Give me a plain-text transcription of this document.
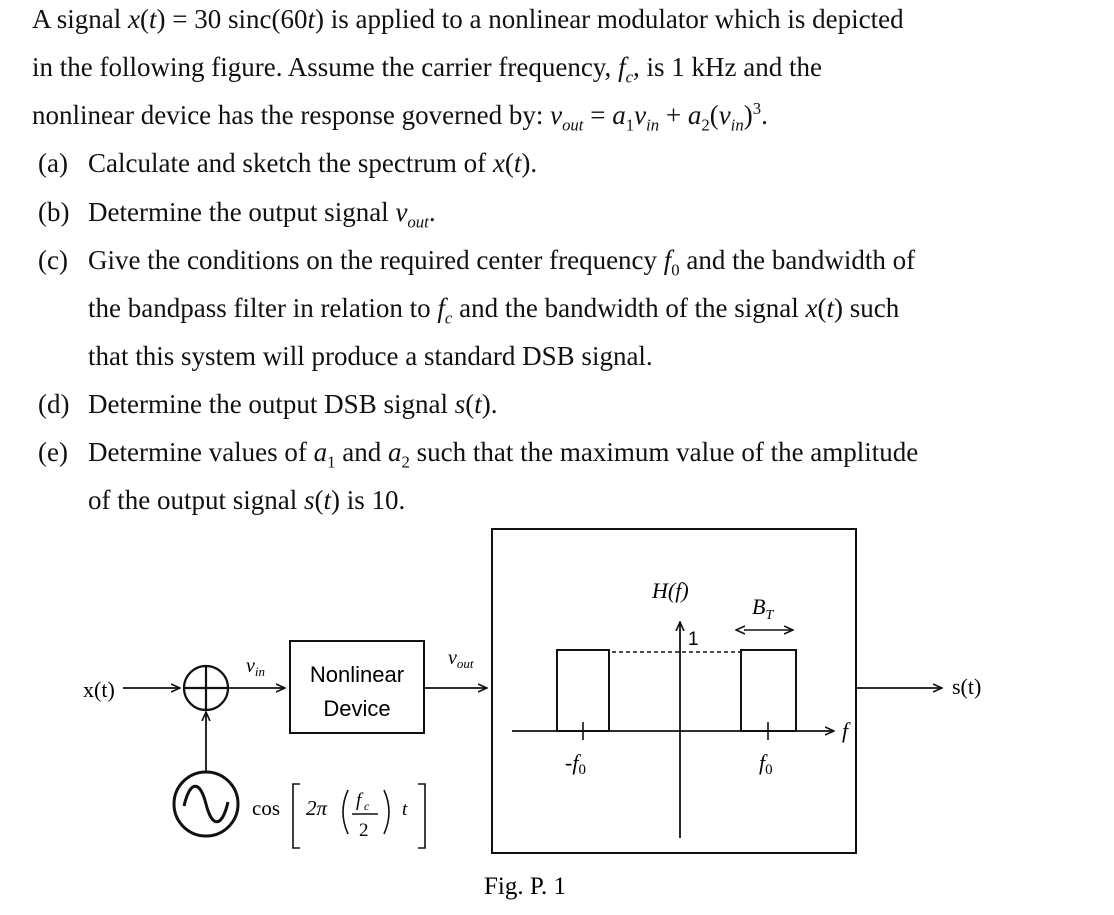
A signal x(t) = 30 sinc(60t) is applied to a nonlinear modulator which is depicted
in the following figure. Assume the carrier frequency, $f_c$, is 1 kHz and the
nonlinear device has the response governed by: $v_{out} = a_1v_{in} + a_2(v_{in})^3$.
(a) Calculate and sketch the spectrum of x(t).
(b) Determine the output signal $v_{out}$.
(c) Give the conditions on the required center frequency $f_0$ and the bandwidth of
the bandpass filter in relation to $f_c$ and the bandwidth of the signal x(t) such
that this system will produce a standard DSB signal.
(d) Determine the output DSB signal s(t).
(e) Determine values of $a_1$ and $a_2$ such that the maximum value of the amplitude
of the output signal s(t) is 10.
x(t)
cos 2π f c
2
t
$v_{in}$ Nonlinear
Device
$v_{out}$
f
H(f)
1
-f0	f0
$B_T$
s(t)
Fig. P. 1
